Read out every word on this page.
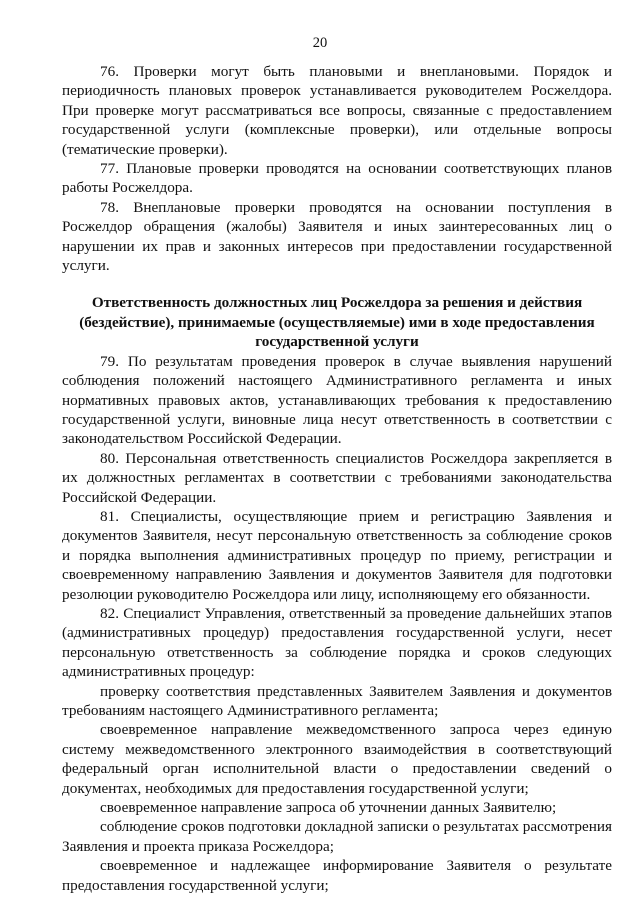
20

76. Проверки могут быть плановыми и внеплановыми. Порядок и периодичность плановых проверок устанавливается руководителем Росжелдора. При проверке могут рассматриваться все вопросы, связанные с предоставлением государственной услуги (комплексные проверки), или отдельные вопросы (тематические проверки).

77. Плановые проверки проводятся на основании соответствующих планов работы Росжелдора.

78. Внеплановые проверки проводятся на основании поступления в Росжелдор обращения (жалобы) Заявителя и иных заинтересованных лиц о нарушении их прав и законных интересов при предоставлении государственной услуги.

Ответственность должностных лиц Росжелдора за решения и действия (бездействие), принимаемые (осуществляемые) ими в ходе предоставления государственной услуги

79. По результатам проведения проверок в случае выявления нарушений соблюдения положений настоящего Административного регламента и иных нормативных правовых актов, устанавливающих требования к предоставлению государственной услуги, виновные лица несут ответственность в соответствии с законодательством Российской Федерации.

80. Персональная ответственность специалистов Росжелдора закрепляется в их должностных регламентах в соответствии с требованиями законодательства Российской Федерации.

81. Специалисты, осуществляющие прием и регистрацию Заявления и документов Заявителя, несут персональную ответственность за соблюдение сроков и порядка выполнения административных процедур по приему, регистрации и своевременному направлению Заявления и документов Заявителя для подготовки резолюции руководителю Росжелдора или лицу, исполняющему его обязанности.

82. Специалист Управления, ответственный за проведение дальнейших этапов (административных процедур) предоставления государственной услуги, несет персональную ответственность за соблюдение порядка и сроков следующих административных процедур:

проверку соответствия представленных Заявителем Заявления и документов требованиям настоящего Административного регламента;

своевременное направление межведомственного запроса через единую систему межведомственного электронного взаимодействия в соответствующий федеральный орган исполнительной власти о предоставлении сведений о документах, необходимых для предоставления государственной услуги;

своевременное направление запроса об уточнении данных Заявителю;

соблюдение сроков подготовки докладной записки о результатах рассмотрения Заявления и проекта приказа Росжелдора;

своевременное и надлежащее информирование Заявителя о результате предоставления государственной услуги;
